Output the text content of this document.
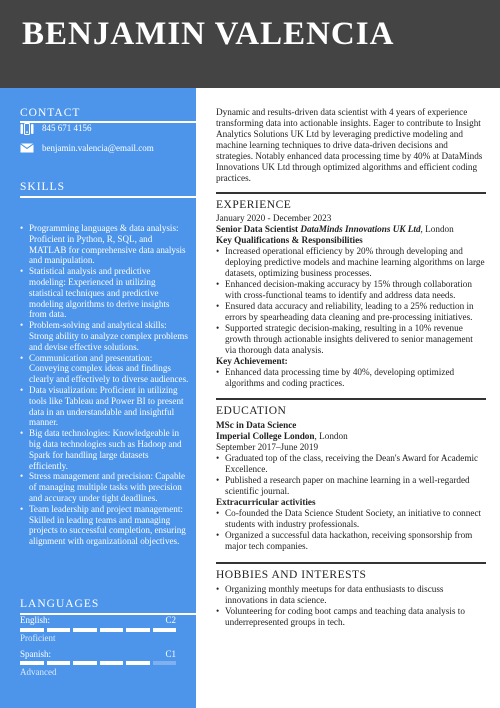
BENJAMIN VALENCIA
CONTACT
845 671 4156
benjamin.valencia@email.com
SKILLS
• Programming languages & data analysis: Proficient in Python, R, SQL, and MATLAB for comprehensive data analysis and manipulation.
• Statistical analysis and predictive modeling: Experienced in utilizing statistical techniques and predictive modeling algorithms to derive insights from data.
• Problem-solving and analytical skills: Strong ability to analyze complex problems and devise effective solutions.
• Communication and presentation: Conveying complex ideas and findings clearly and effectively to diverse audiences.
• Data visualization: Proficient in utilizing tools like Tableau and Power BI to present data in an understandable and insightful manner.
• Big data technologies: Knowledgeable in big data technologies such as Hadoop and Spark for handling large datasets efficiently.
• Stress management and precision: Capable of managing multiple tasks with precision and accuracy under tight deadlines.
• Team leadership and project management: Skilled in leading teams and managing projects to successful completion, ensuring alignment with organizational objectives.
LANGUAGES
English:	C2
Proficient
Spanish:	C1
Advanced

Dynamic and results-driven data scientist with 4 years of experience transforming data into actionable insights. Eager to contribute to Insight Analytics Solutions UK Ltd by leveraging predictive modeling and machine learning techniques to drive data-driven decisions and strategies. Notably enhanced data processing time by 40% at DataMinds Innovations UK Ltd through optimized algorithms and efficient coding practices.

EXPERIENCE
January 2020 - December 2023
Senior Data Scientist DataMinds Innovations UK Ltd, London
Key Qualifications & Responsibilities
• Increased operational efficiency by 20% through developing and deploying predictive models and machine learning algorithms on large datasets, optimizing business processes.
• Enhanced decision-making accuracy by 15% through collaboration with cross-functional teams to identify and address data needs.
• Ensured data accuracy and reliability, leading to a 25% reduction in errors by spearheading data cleaning and pre-processing initiatives.
• Supported strategic decision-making, resulting in a 10% revenue growth through actionable insights delivered to senior management via thorough data analysis.
Key Achievement:
• Enhanced data processing time by 40%, developing optimized algorithms and coding practices.
EDUCATION
MSc in Data Science
Imperial College London, London
September 2017–June 2019
• Graduated top of the class, receiving the Dean's Award for Academic Excellence.
• Published a research paper on machine learning in a well-regarded scientific journal.
Extracurricular activities
• Co-founded the Data Science Student Society, an initiative to connect students with industry professionals.
• Organized a successful data hackathon, receiving sponsorship from major tech companies.
HOBBIES AND INTERESTS
• Organizing monthly meetups for data enthusiasts to discuss innovations in data science.
• Volunteering for coding boot camps and teaching data analysis to underrepresented groups in tech.
